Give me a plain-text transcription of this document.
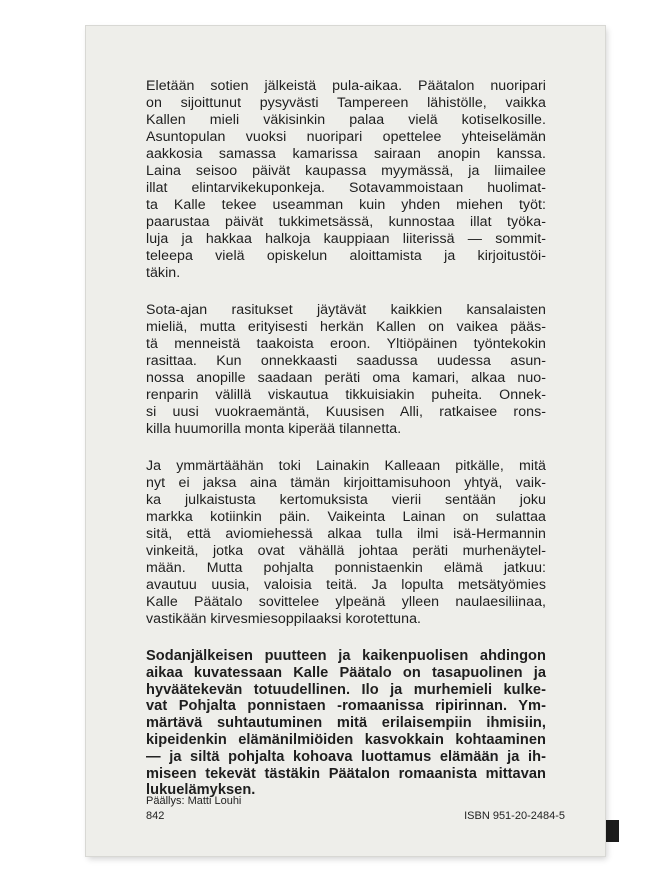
Eletään sotien jälkeistä pula-aikaa. Päätalon nuoripari
on sijoittunut pysyvästi Tampereen lähistölle, vaikka
Kallen mieli väkisinkin palaa vielä kotiselkosille.
Asuntopulan vuoksi nuoripari opettelee yhteiselämän
aakkosia samassa kamarissa sairaan anopin kanssa.
Laina seisoo päivät kaupassa myymässä, ja liimailee
illat elintarvikekuponkeja. Sotavammoistaan huolimat-
ta Kalle tekee useamman kuin yhden miehen työt:
paarustaa päivät tukkimetsässä, kunnostaa illat työka-
luja ja hakkaa halkoja kauppiaan liiterissä — sommit-
teleepa vielä opiskelun aloittamista ja kirjoitustöi-
täkin.
Sota-ajan rasitukset jäytävät kaikkien kansalaisten
mieliä, mutta erityisesti herkän Kallen on vaikea pääs-
tä menneistä taakoista eroon. Yltiöpäinen työntekokin
rasittaa. Kun onnekkaasti saadussa uudessa asun-
nossa anopille saadaan peräti oma kamari, alkaa nuo-
renparin välillä viskautua tikkuisiakin puheita. Onnek-
si uusi vuokraemäntä, Kuusisen Alli, ratkaisee rons-
killa huumorilla monta kiperää tilannetta.
Ja ymmärtäähän toki Lainakin Kalleaan pitkälle, mitä
nyt ei jaksa aina tämän kirjoittamisuhoon yhtyä, vaik-
ka julkaistusta kertomuksista vierii sentään joku
markka kotiinkin päin. Vaikeinta Lainan on sulattaa
sitä, että aviomiehessä alkaa tulla ilmi isä-Hermannin
vinkeitä, jotka ovat vähällä johtaa peräti murhenäytel-
mään. Mutta pohjalta ponnistaenkin elämä jatkuu:
avautuu uusia, valoisia teitä. Ja lopulta metsätyömies
Kalle Päätalo sovittelee ylpeänä ylleen naulaesiliinaa,
vastikään kirvesmiesoppilaaksi korotettuna.
Sodanjälkeisen puutteen ja kaikenpuolisen ahdingon
aikaa kuvatessaan Kalle Päätalo on tasapuolinen ja
hyväätekevän totuudellinen. Ilo ja murhemieli kulke-
vat Pohjalta ponnistaen -romaanissa ripirinnan. Ym-
märtävä suhtautuminen mitä erilaisempiin ihmisiin,
kipeidenkin elämänilmiöiden kasvokkain kohtaaminen
— ja siltä pohjalta kohoava luottamus elämään ja ih-
miseen tekevät tästäkin Päätalon romaanista mittavan
lukuelämyksen.
Päällys: Matti Louhi
842	ISBN 951-20-2484-5
